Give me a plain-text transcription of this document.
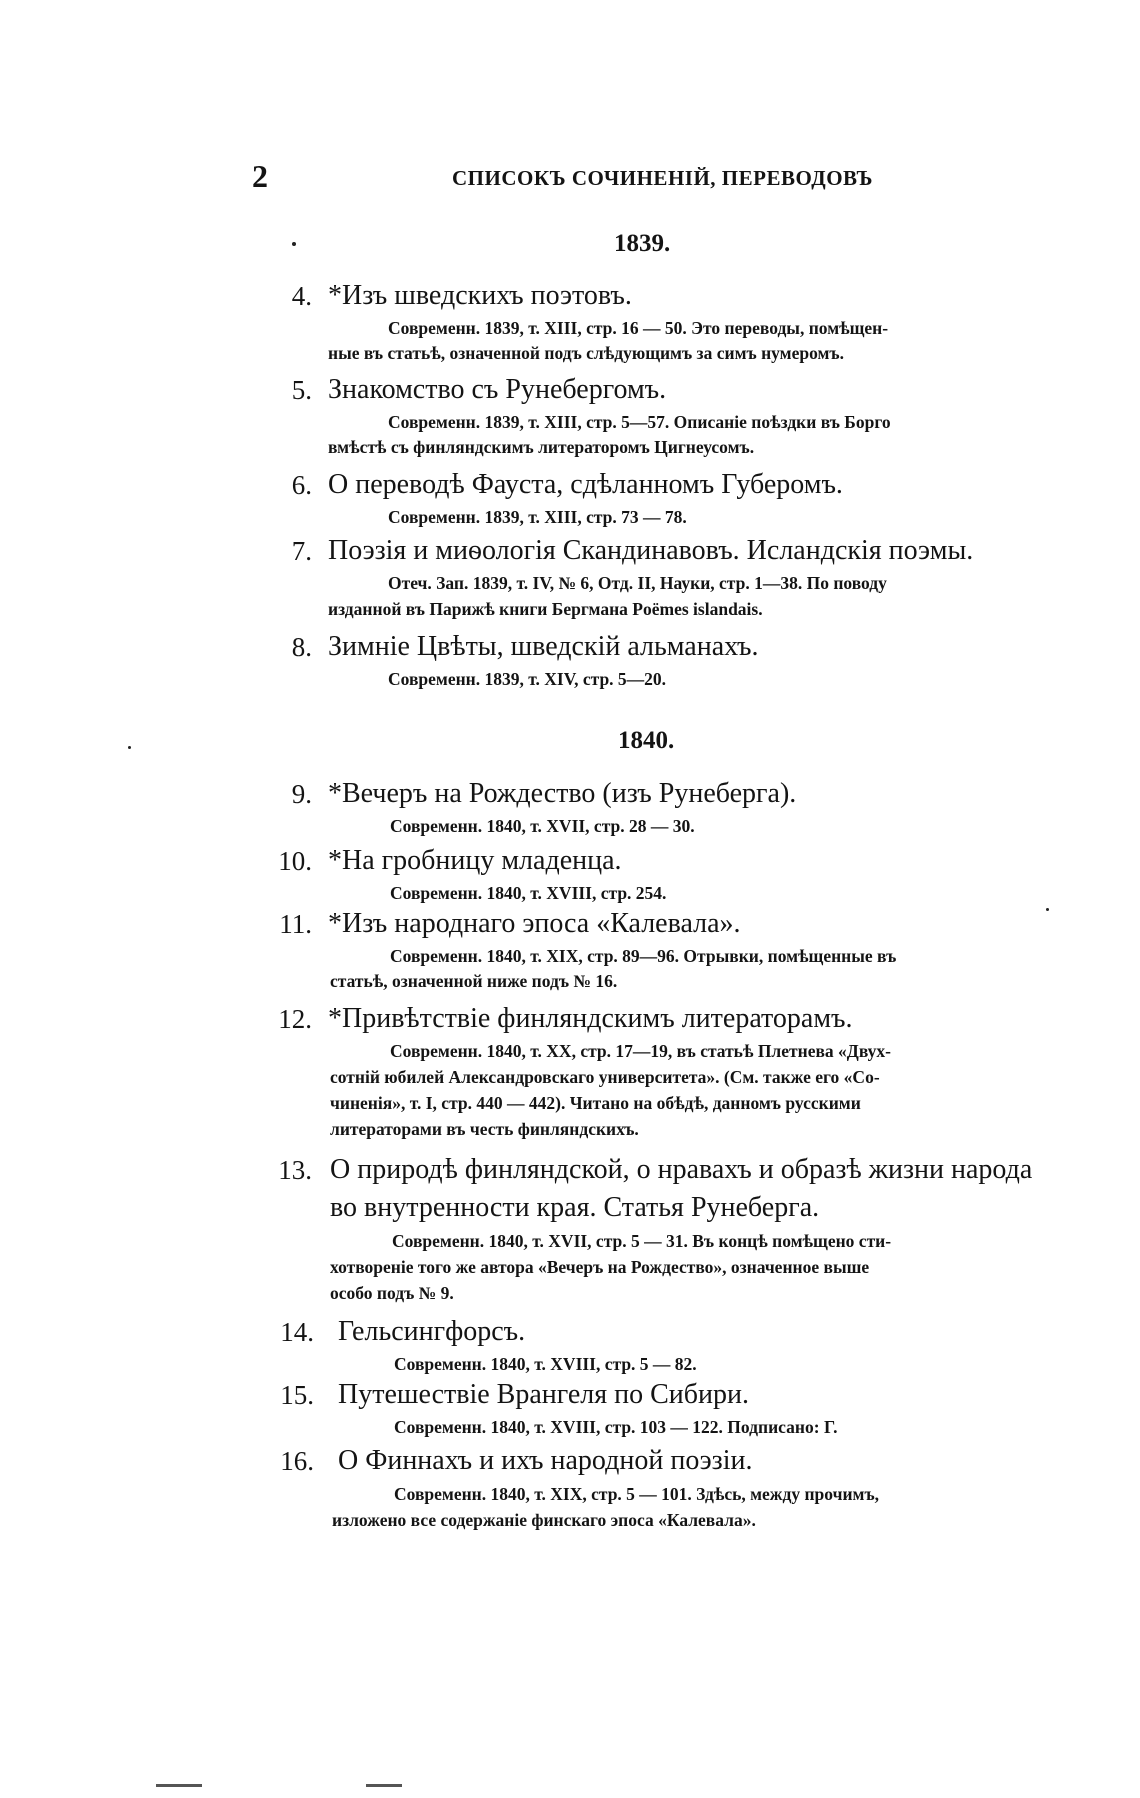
2	СПИСОКЪ СОЧИНЕНІЙ, ПЕРЕВОДОВЪ
1839.
4. *Изъ шведскихъ поэтовъ.
Современн. 1839, т. XIII, стр. 16 — 50. Это переводы, помѣщен-
ные въ статьѣ, означенной подъ слѣдующимъ за симъ нумеромъ.
5. Знакомство съ Рунебергомъ.
Современн. 1839, т. XIII, стр. 5—57. Описаніе поѣздки въ Борго
вмѣстѣ съ финляндскимъ литераторомъ Цигнеусомъ.
6. О переводѣ Фауста, сдѣланномъ Губеромъ.
Современн. 1839, т. XIII, стр. 73 — 78.
7. Поэзія и миѳологія Скандинавовъ. Исландскія поэмы.
Отеч. Зап. 1839, т. IV, № 6, Отд. II, Науки, стр. 1—38. По поводу
изданной въ Парижѣ книги Бергмана Poëmes islandais.
8. Зимніе Цвѣты, шведскій альманахъ.
Современн. 1839, т. XIV, стр. 5—20.
1840.
9. *Вечеръ на Рождество (изъ Рунеберга).
Современн. 1840, т. XVII, стр. 28 — 30.
10. *На гробницу младенца.
Современн. 1840, т. XVIII, стр. 254.
11. *Изъ народнаго эпоса «Калевала».
Современн. 1840, т. XIX, стр. 89—96. Отрывки, помѣщенные въ
статьѣ, означенной ниже подъ № 16.
12. *Привѣтствіе финляндскимъ литераторамъ.
Современн. 1840, т. XX, стр. 17—19, въ статьѣ Плетнева «Двух-
сотній юбилей Александровскаго университета». (См. также его «Со-
чиненія», т. I, стр. 440 — 442). Читано на обѣдѣ, данномъ русскими
литераторами въ честь финляндскихъ.
13. О природѣ финляндской, о нравахъ и образѣ жизни народа
во внутренности края. Статья Рунеберга.
Современн. 1840, т. XVII, стр. 5 — 31. Въ концѣ помѣщено сти-
хотвореніе того же автора «Вечеръ на Рождество», означенное выше
особо подъ № 9.
14. Гельсингфорсъ.
Современн. 1840, т. XVIII, стр. 5 — 82.
15. Путешествіе Врангеля по Сибири.
Современн. 1840, т. XVIII, стр. 103 — 122. Подписано: Г.
16. О Финнахъ и ихъ народной поэзіи.
Современн. 1840, т. XIX, стр. 5 — 101. Здѣсь, между прочимъ,
изложено все содержаніе финскаго эпоса «Калевала».
